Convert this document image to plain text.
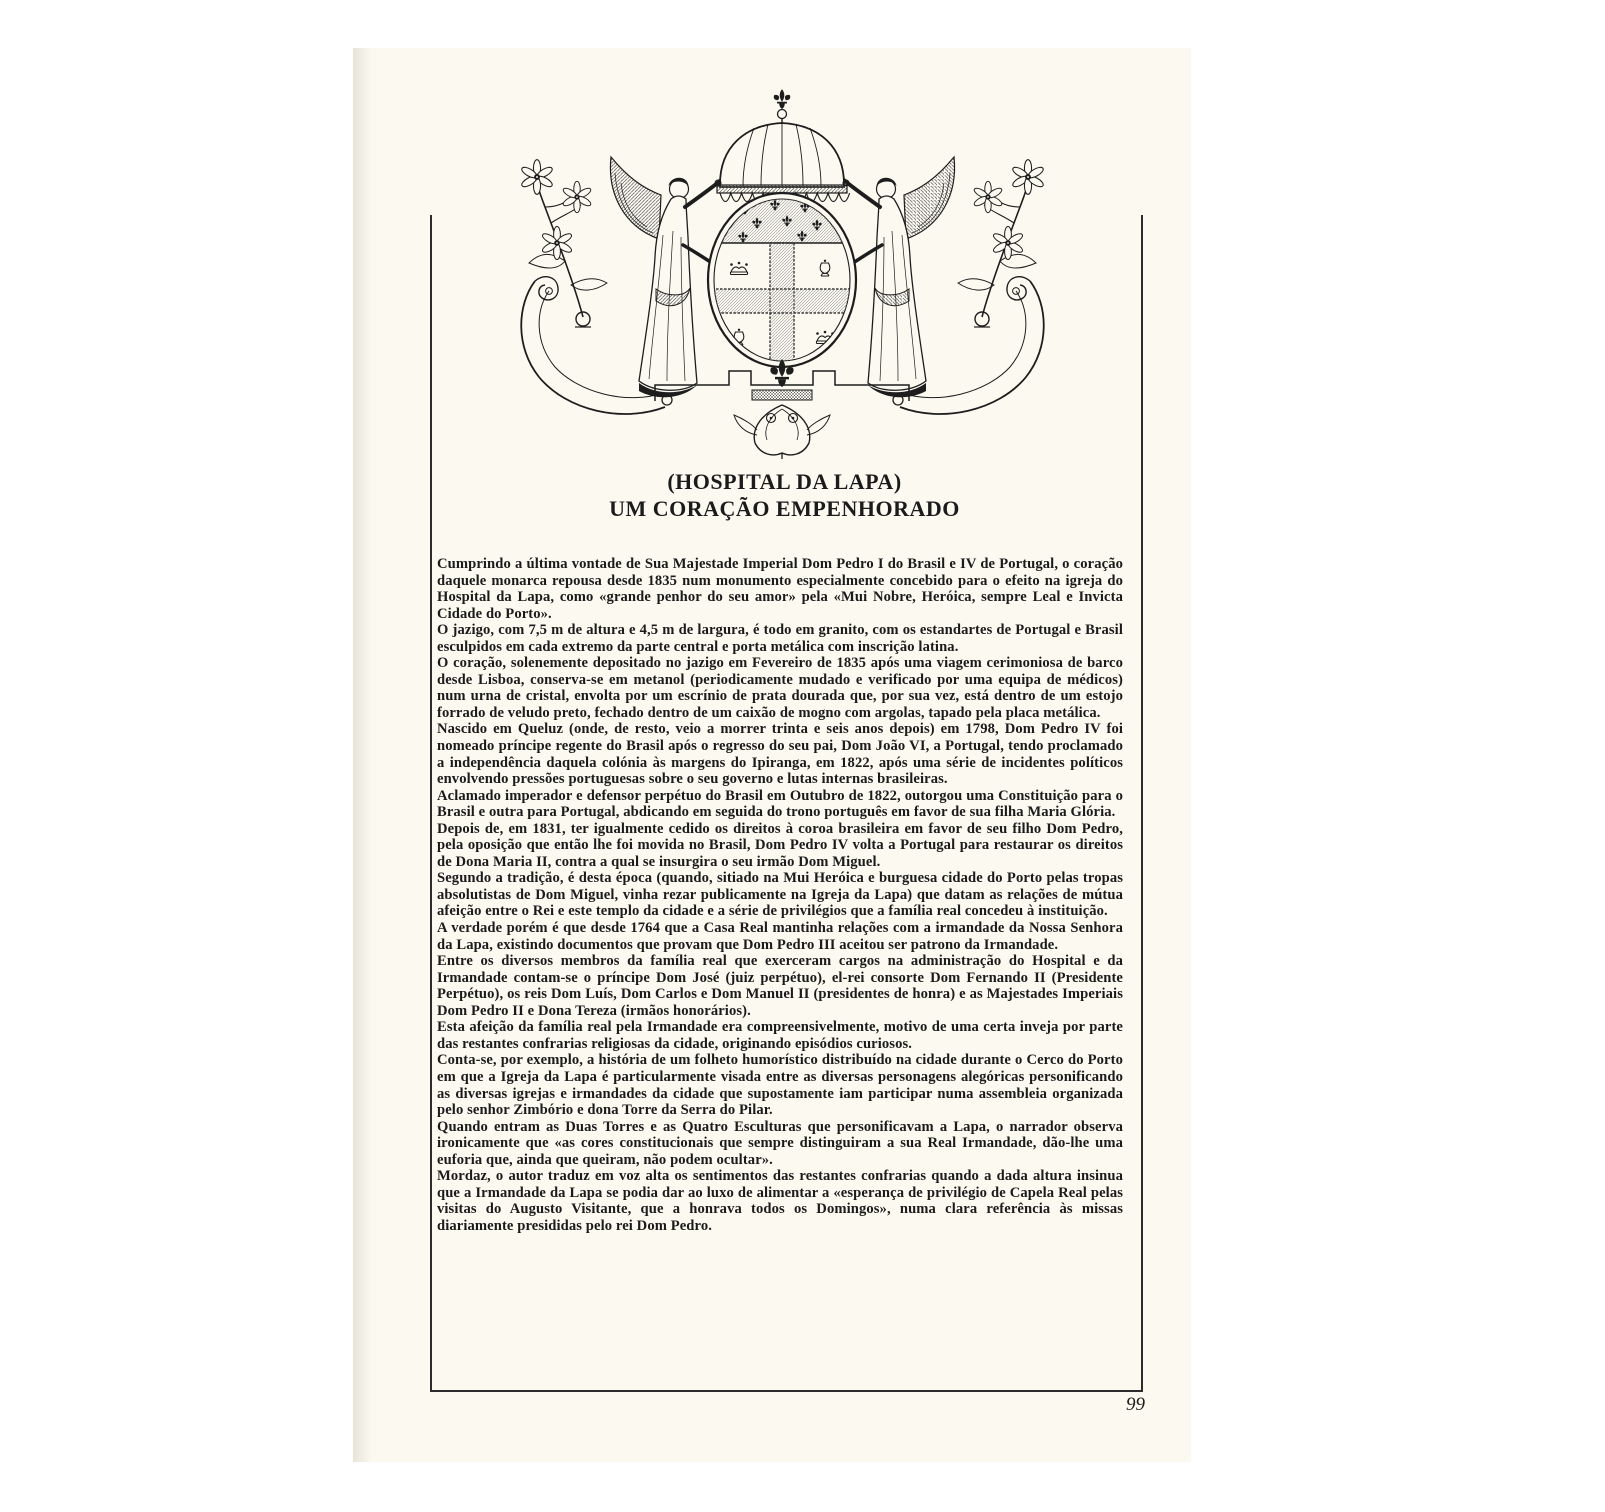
(HOSPITAL DA LAPA)
UM CORAÇÃO EMPENHORADO

Cumprindo a última vontade de Sua Majestade Imperial Dom Pedro I do Brasil e IV de Portugal, o coração daquele monarca repousa desde 1835 num monumento especialmente concebido para o efeito na igreja do Hospital da Lapa, como «grande penhor do seu amor» pela «Mui Nobre, Heróica, sempre Leal e Invicta Cidade do Porto».

O jazigo, com 7,5 m de altura e 4,5 m de largura, é todo em granito, com os estandartes de Portugal e Brasil esculpidos em cada extremo da parte central e porta metálica com inscrição latina.

O coração, solenemente depositado no jazigo em Fevereiro de 1835 após uma viagem cerimoniosa de barco desde Lisboa, conserva-se em metanol (periodicamente mudado e verificado por uma equipa de médicos) num urna de cristal, envolta por um escrínio de prata dourada que, por sua vez, está dentro de um estojo forrado de veludo preto, fechado dentro de um caixão de mogno com argolas, tapado pela placa metálica.

Nascido em Queluz (onde, de resto, veio a morrer trinta e seis anos depois) em 1798, Dom Pedro IV foi nomeado príncipe regente do Brasil após o regresso do seu pai, Dom João VI, a Portugal, tendo proclamado a independência daquela colónia às margens do Ipiranga, em 1822, após uma série de incidentes políticos envolvendo pressões portuguesas sobre o seu governo e lutas internas brasileiras.

Aclamado imperador e defensor perpétuo do Brasil em Outubro de 1822, outorgou uma Constituição para o Brasil e outra para Portugal, abdicando em seguida do trono português em favor de sua filha Maria Glória.

Depois de, em 1831, ter igualmente cedido os direitos à coroa brasileira em favor de seu filho Dom Pedro, pela oposição que então lhe foi movida no Brasil, Dom Pedro IV volta a Portugal para restaurar os direitos de Dona Maria II, contra a qual se insurgira o seu irmão Dom Miguel.

Segundo a tradição, é desta época (quando, sitiado na Mui Heróica e burguesa cidade do Porto pelas tropas absolutistas de Dom Miguel, vinha rezar publicamente na Igreja da Lapa) que datam as relações de mútua afeição entre o Rei e este templo da cidade e a série de privilégios que a família real concedeu à instituição.

A verdade porém é que desde 1764 que a Casa Real mantinha relações com a irmandade da Nossa Senhora da Lapa, existindo documentos que provam que Dom Pedro III aceitou ser patrono da Irmandade.

Entre os diversos membros da família real que exerceram cargos na administração do Hospital e da Irmandade contam-se o príncipe Dom José (juiz perpétuo), el-rei consorte Dom Fernando II (Presidente Perpétuo), os reis Dom Luís, Dom Carlos e Dom Manuel II (presidentes de honra) e as Majestades Imperiais Dom Pedro II e Dona Tereza (irmãos honorários).

Esta afeição da família real pela Irmandade era compreensivelmente, motivo de uma certa inveja por parte das restantes confrarias religiosas da cidade, originando episódios curiosos.

Conta-se, por exemplo, a história de um folheto humorístico distribuído na cidade durante o Cerco do Porto em que a Igreja da Lapa é particularmente visada entre as diversas personagens alegóricas personificando as diversas igrejas e irmandades da cidade que supostamente iam participar numa assembleia organizada pelo senhor Zimbório e dona Torre da Serra do Pilar.

Quando entram as Duas Torres e as Quatro Esculturas que personificavam a Lapa, o narrador observa ironicamente que «as cores constitucionais que sempre distinguiram a sua Real Irmandade, dão-lhe uma euforia que, ainda que queiram, não podem ocultar».

Mordaz, o autor traduz em voz alta os sentimentos das restantes confrarias quando a dada altura insinua que a Irmandade da Lapa se podia dar ao luxo de alimentar a «esperança de privilégio de Capela Real pelas visitas do Augusto Visitante, que a honrava todos os Domingos», numa clara referência às missas diariamente presididas pelo rei Dom Pedro.

99
